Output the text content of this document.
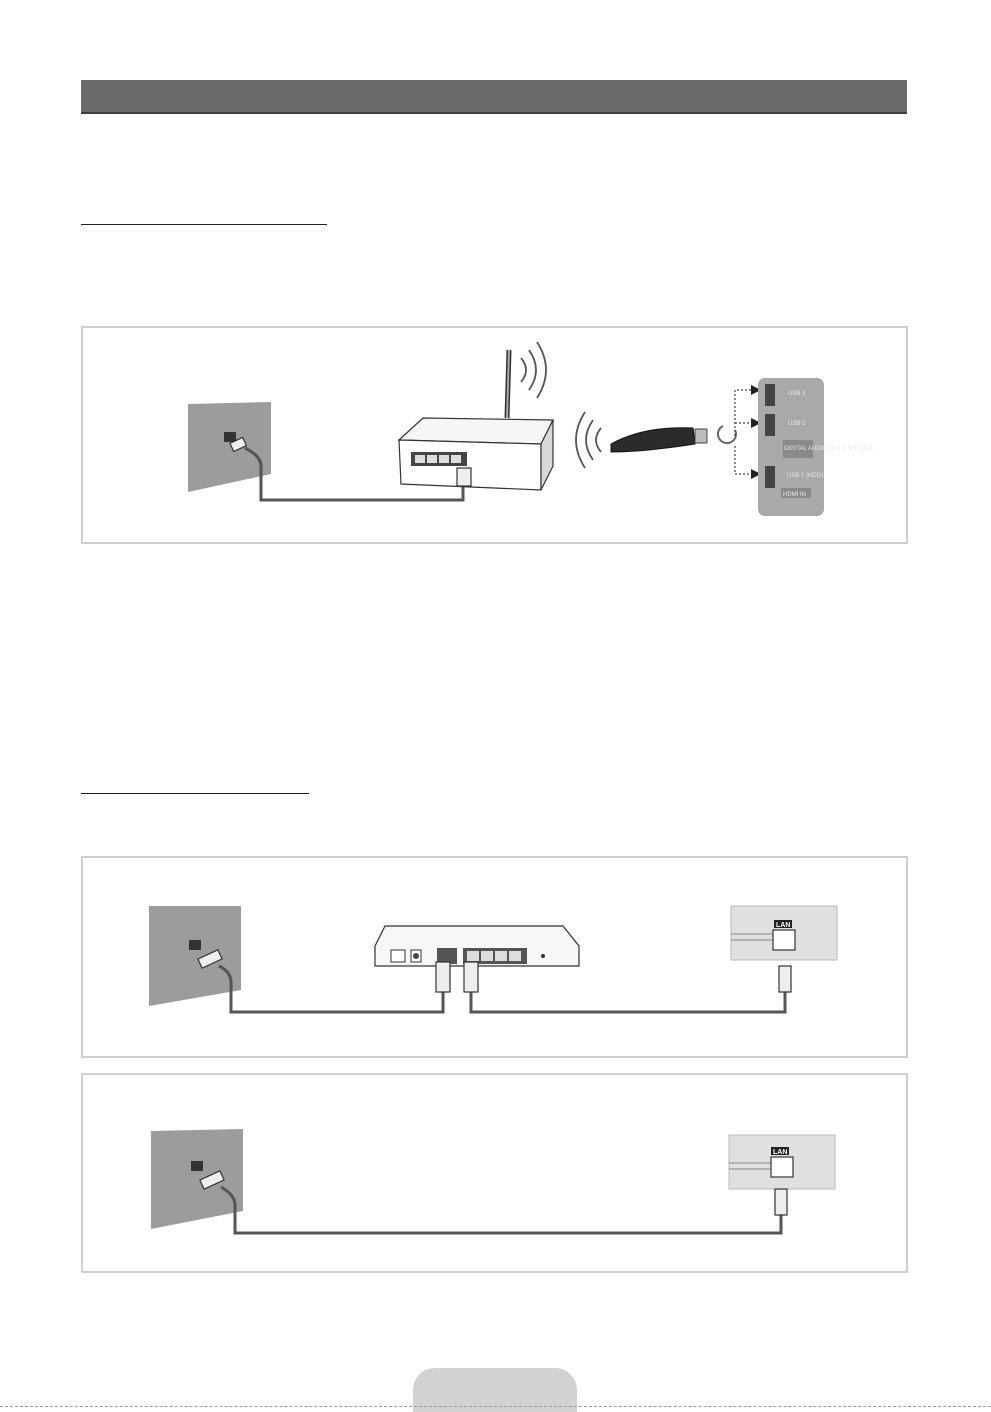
USB 3
USB 2
USB 1 (HDD)
DIGITAL AUDIO OUT (OPTICAL)
HDMI IN
LAN
LAN
